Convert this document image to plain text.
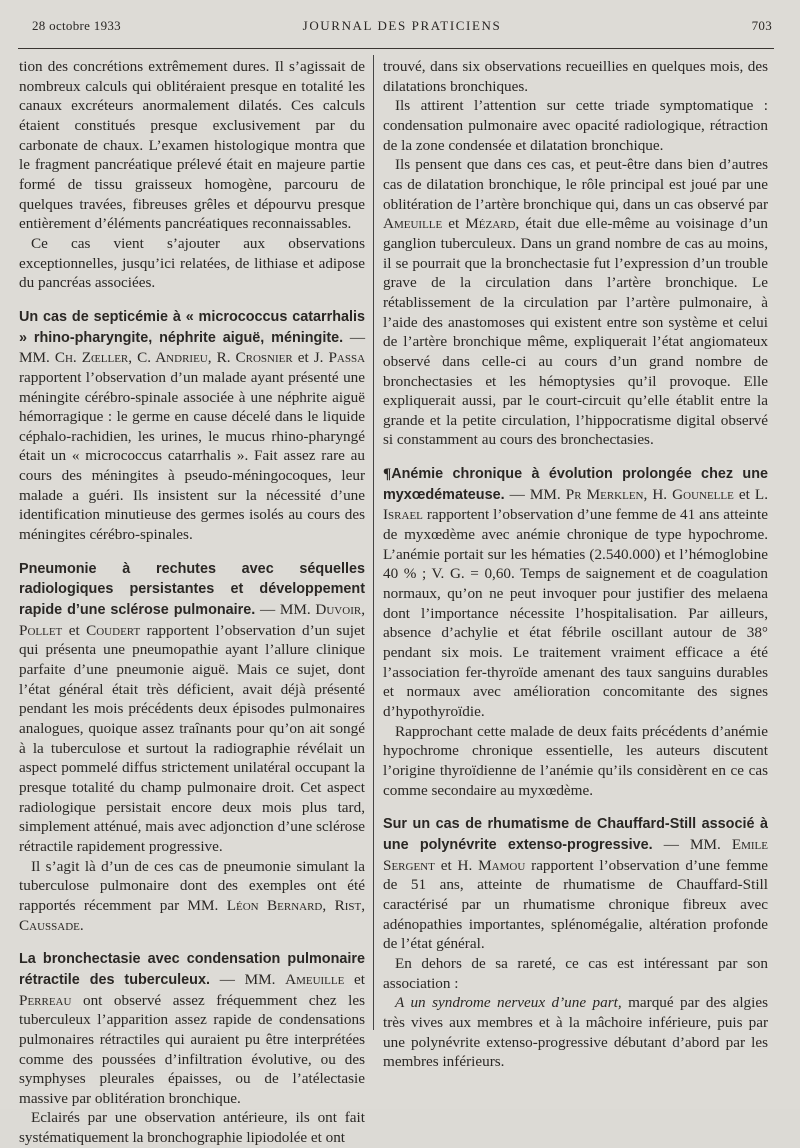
28 octobre 1933	JOURNAL DES PRATICIENS	703

tion des concrétions extrêmement dures. Il s’agissait de nombreux calculs qui oblitéraient presque en totalité les canaux excréteurs anormalement dilatés. Ces calculs étaient constitués presque exclusivement par du carbonate de chaux. L’examen histologique montra que le fragment pancréatique prélevé était en majeure partie formé de tissu graisseux homogène, parcouru de quelques travées, fibreuses grêles et dépourvu presque entièrement d’éléments pancréatiques reconnaissables.

Ce cas vient s’ajouter aux observations exceptionnelles, jusqu’ici relatées, de lithiase et adipose du pancréas associées.

Un cas de septicémie à « micrococcus catarrhalis » rhino-pharyngite, néphrite aiguë, méningite. — MM. Ch. Zœller, C. Andrieu, R. Crosnier et J. Passa rapportent l’observation d’un malade ayant présenté une méningite cérébro-spinale associée à une néphrite aiguë hémorragique : le germe en cause décelé dans le liquide céphalo-rachidien, les urines, le mucus rhino-pharyngé était un « micrococcus catarrhalis ». Fait assez rare au cours des méningites à pseudo-méningocoques, leur malade a guéri. Ils insistent sur la nécessité d’une identification minutieuse des germes isolés au cours des méningites cérébro-spinales.

Pneumonie à rechutes avec séquelles radiologiques persistantes et développement rapide d’une sclérose pulmonaire. — MM. Duvoir, Pollet et Coudert rapportent l’observation d’un sujet qui présenta une pneumopathie ayant l’allure clinique parfaite d’une pneumonie aiguë. Mais ce sujet, dont l’état général était très déficient, avait déjà présenté pendant les mois précédents deux épisodes pulmonaires analogues, quoique assez traînants pour qu’on ait songé à la tuberculose et surtout la radiographie révélait un aspect pommelé diffus strictement unilatéral occupant la presque totalité du champ pulmonaire droit. Cet aspect radiologique persistait encore deux mois plus tard, simplement atténué, mais avec adjonction d’une sclérose rétractile rapidement progressive.

Il s’agit là d’un de ces cas de pneumonie simulant la tuberculose pulmonaire dont des exemples ont été rapportés récemment par MM. Léon Bernard, Rist, Caussade.

La bronchectasie avec condensation pulmonaire rétractile des tuberculeux. — MM. Ameuille et Perreau ont observé assez fréquemment chez les tuberculeux l’apparition assez rapide de condensations pulmonaires rétractiles qui auraient pu être interprétées comme des poussées d’infiltration évolutive, ou des symphyses pleurales épaisses, ou de l’atélectasie massive par oblitération bronchique.

Eclairés par une observation antérieure, ils ont fait systématiquement la bronchographie lipiodolée et ont

trouvé, dans six observations recueillies en quelques mois, des dilatations bronchiques.

Ils attirent l’attention sur cette triade symptomatique : condensation pulmonaire avec opacité radiologique, rétraction de la zone condensée et dilatation bronchique.

Ils pensent que dans ces cas, et peut-être dans bien d’autres cas de dilatation bronchique, le rôle principal est joué par une oblitération de l’artère bronchique qui, dans un cas observé par Ameuille et Mézard, était due elle-même au voisinage d’un ganglion tuberculeux. Dans un grand nombre de cas au moins, il se pourrait que la bronchectasie fut l’expression d’un trouble grave de la circulation dans l’artère bronchique. Le rétablissement de la circulation par l’artère pulmonaire, à l’aide des anastomoses qui existent entre son système et celui de l’artère bronchique même, expliquerait l’état angiomateux observé dans celle-ci au cours d’un grand nombre de bronchectasies et les hémoptysies qu’il provoque. Elle expliquerait aussi, par le court-circuit qu’elle établit entre la grande et la petite circulation, l’hippocratisme digital observé si constamment au cours des bronchectasies.

¶Anémie chronique à évolution prolongée chez une myxœdémateuse. — MM. Pr Merklen, H. Gounelle et L. Israel rapportent l’observation d’une femme de 41 ans atteinte de myxœdème avec anémie chronique de type hypochrome. L’anémie portait sur les hématies (2.540.000) et l’hémoglobine 40 % ; V. G. = 0,60. Temps de saignement et de coagulation normaux, qu’on ne peut invoquer pour justifier des melaena dont l’importance nécessite l’hospitalisation. Par ailleurs, absence d’achylie et état fébrile oscillant autour de 38° pendant six mois. Le traitement vraiment efficace a été l’association fer-thyroïde amenant des taux sanguins durables et normaux avec amélioration concomitante des signes d’hypothyroïdie.

Rapprochant cette malade de deux faits précédents d’anémie hypochrome chronique essentielle, les auteurs discutent l’origine thyroïdienne de l’anémie qu’ils considèrent en ce cas comme secondaire au myxœdème.

Sur un cas de rhumatisme de Chauffard-Still associé à une polynévrite extenso-progressive. — MM. Emile Sergent et H. Mamou rapportent l’observation d’une femme de 51 ans, atteinte de rhumatisme de Chauffard-Still caractérisé par un rhumatisme chronique fibreux avec adénopathies importantes, splénomégalie, altération profonde de l’état général.

En dehors de sa rareté, ce cas est intéressant par son association :

A un syndrome nerveux d’une part, marqué par des algies très vives aux membres et à la mâchoire inférieure, puis par une polynévrite extenso-progressive débutant d’abord par les membres inférieurs.
